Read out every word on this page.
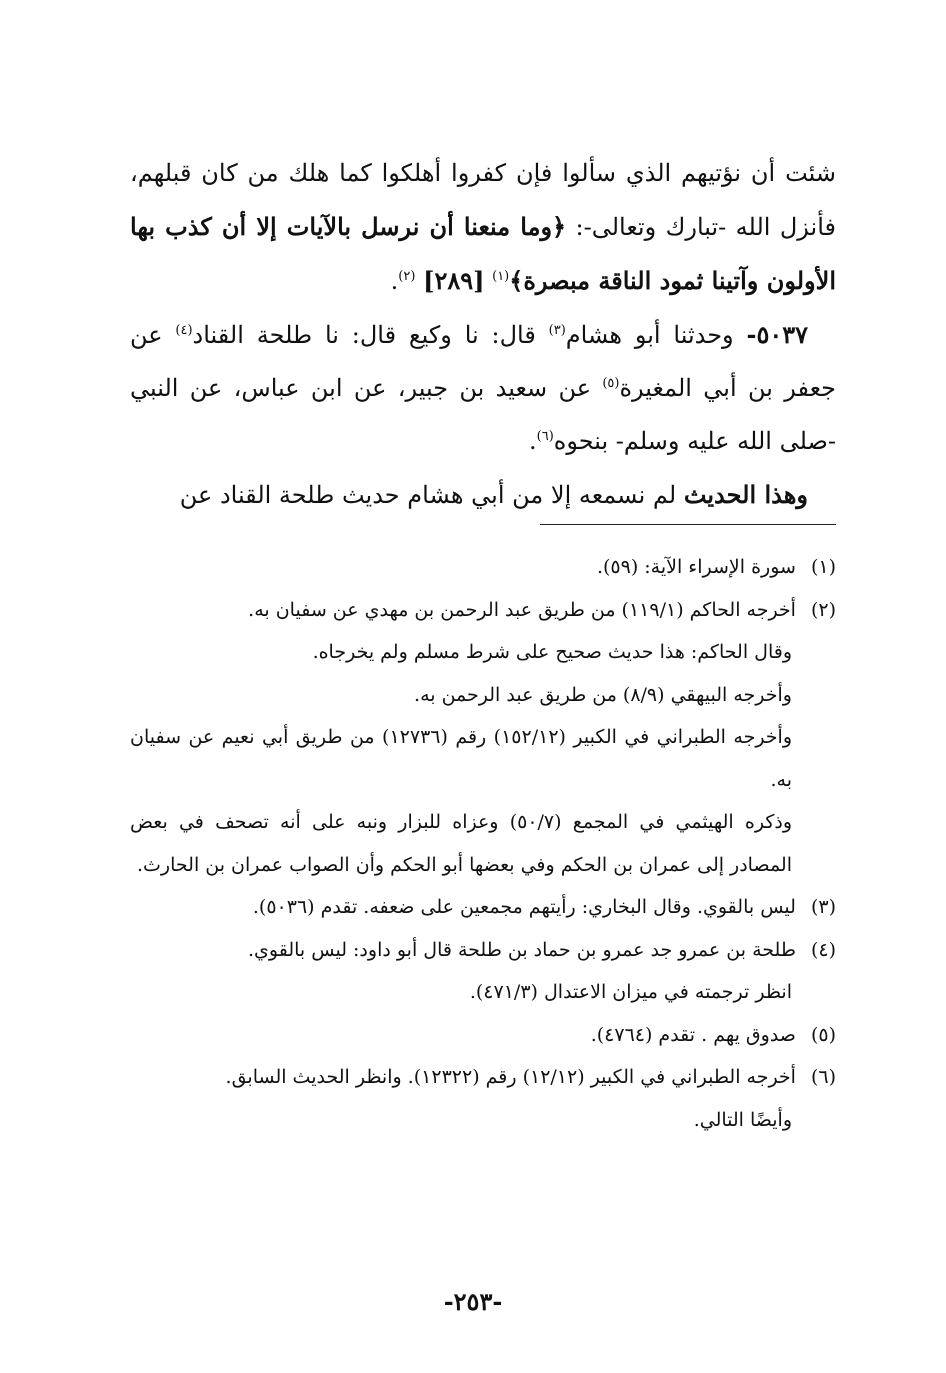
شئت أن نؤتيهم الذي سألوا فإن كفروا أهلكوا كما هلك من كان قبلهم، فأنزل الله -تبارك وتعالى-: ﴿وما منعنا أن نرسل بالآيات إلا أن كذب بها الأولون وآتينا ثمود الناقة مبصرة﴾$^{(١)}$ [٢٨٩] $^{(٢)}$.

٥٠٣٧- وحدثنا أبو هشام$^{(٣)}$ قال: نا وكيع قال: نا طلحة القناد$^{(٤)}$ عن جعفر بن أبي المغيرة$^{(٥)}$ عن سعيد بن جبير، عن ابن عباس، عن النبي -صلى الله عليه وسلم- بنحوه$^{(٦)}$.

وهذا الحديث لم نسمعه إلا من أبي هشام حديث طلحة القناد عن

(١) سورة الإسراء الآية: (٥٩).

(٢) أخرجه الحاكم (١١٩/١) من طريق عبد الرحمن بن مهدي عن سفيان به.

وقال الحاكم: هذا حديث صحيح على شرط مسلم ولم يخرجاه.

وأخرجه البيهقي (٨/٩) من طريق عبد الرحمن به.

وأخرجه الطبراني في الكبير (١٥٢/١٢) رقم (١٢٧٣٦) من طريق أبي نعيم عن سفيان به.

وذكره الهيثمي في المجمع (٥٠/٧) وعزاه للبزار ونبه على أنه تصحف في بعض المصادر إلى عمران بن الحكم وفي بعضها أبو الحكم وأن الصواب عمران بن الحارث.

(٣) ليس بالقوي. وقال البخاري: رأيتهم مجمعين على ضعفه. تقدم (٥٠٣٦).

(٤) طلحة بن عمرو جد عمرو بن حماد بن طلحة قال أبو داود: ليس بالقوي.

انظر ترجمته في ميزان الاعتدال (٤٧١/٣).

(٥) صدوق يهم . تقدم (٤٧٦٤).

(٦) أخرجه الطبراني في الكبير (١٢/١٢) رقم (١٢٣٢٢). وانظر الحديث السابق.

وأيضًا التالي.

-٢٥٣-
